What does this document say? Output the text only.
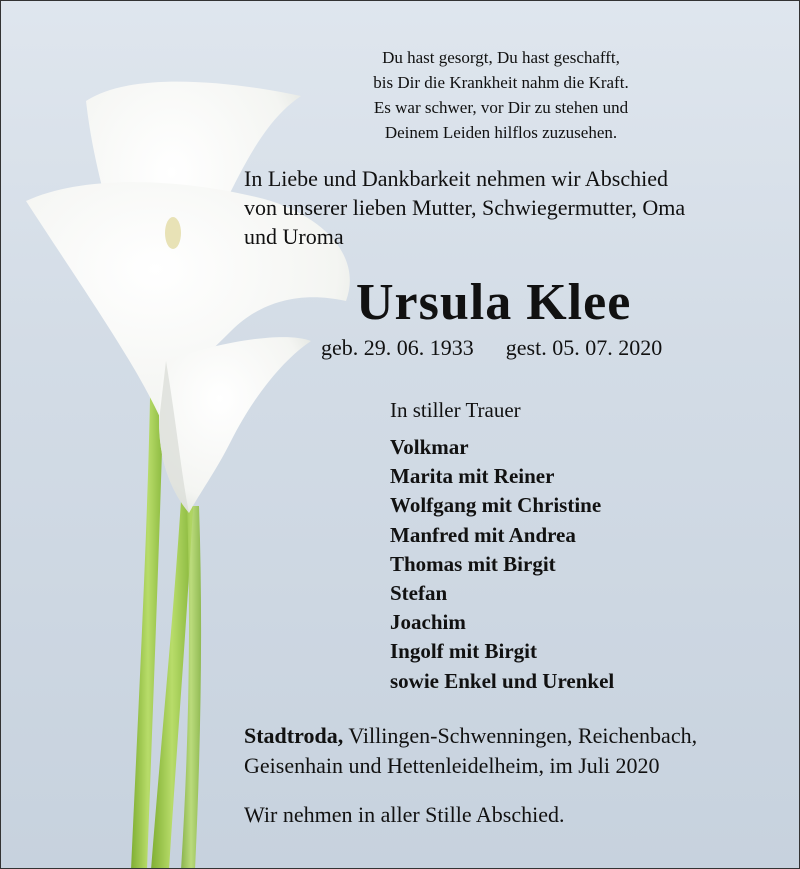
Du hast gesorgt, Du hast geschafft,
bis Dir die Krankheit nahm die Kraft.
Es war schwer, vor Dir zu stehen und
Deinem Leiden hilflos zuzusehen.
In Liebe und Dankbarkeit nehmen wir Abschied
von unserer lieben Mutter, Schwiegermutter, Oma
und Uroma
Ursula Klee
geb. 29. 06. 1933 gest. 05. 07. 2020
In stiller Trauer
Volkmar
Marita mit Reiner
Wolfgang mit Christine
Manfred mit Andrea
Thomas mit Birgit
Stefan
Joachim
Ingolf mit Birgit
sowie Enkel und Urenkel
Stadtroda, Villingen-Schwenningen, Reichenbach,
Geisenhain und Hettenleidelheim, im Juli 2020
Wir nehmen in aller Stille Abschied.
